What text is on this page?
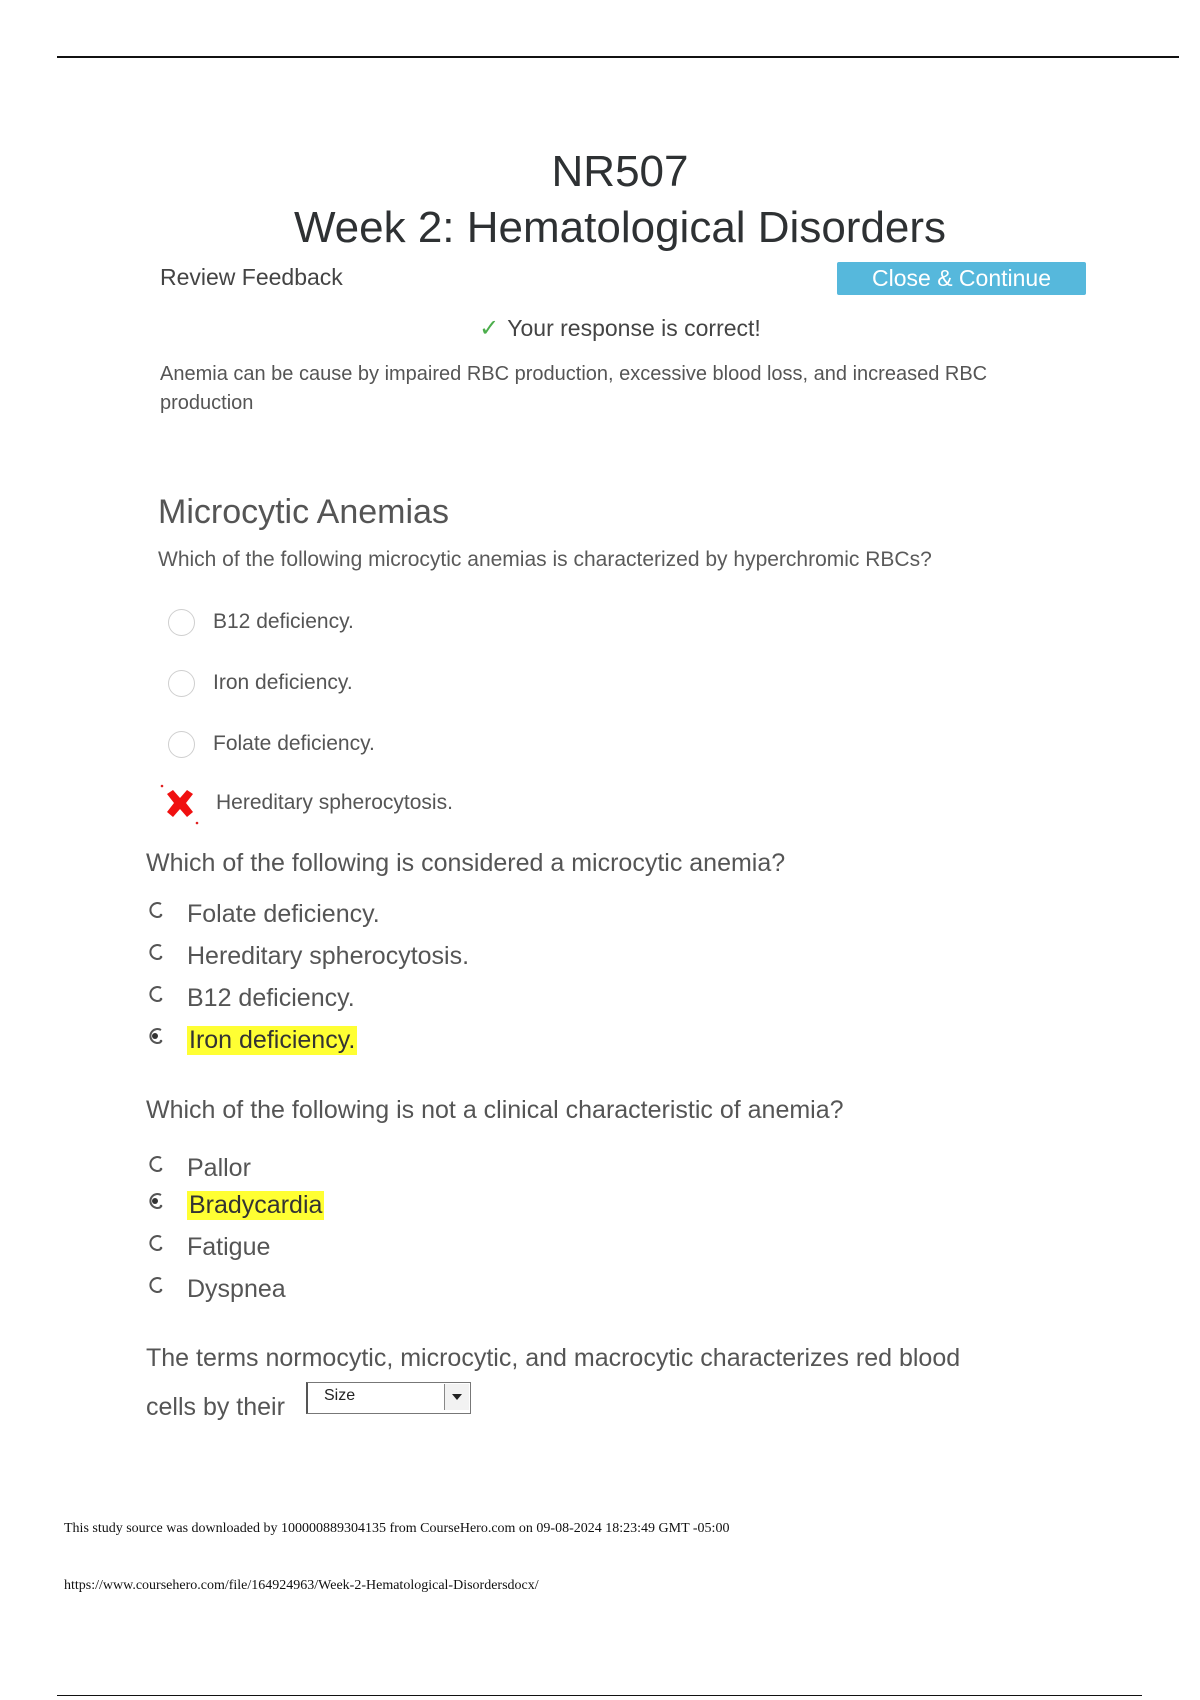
NR507
Week 2: Hematological Disorders
Review Feedback	Close & Continue
✓ Your response is correct!
Anemia can be cause by impaired RBC production, excessive blood loss, and increased RBC production
Microcytic Anemias
Which of the following microcytic anemias is characterized by hyperchromic RBCs?
B12 deficiency.
Iron deficiency.
Folate deficiency.
Hereditary spherocytosis.
Which of the following is considered a microcytic anemia?
Folate deficiency.
Hereditary spherocytosis.
B12 deficiency.
Iron deficiency.
Which of the following is not a clinical characteristic of anemia?
Pallor
Bradycardia
Fatigue
Dyspnea
The terms normocytic, microcytic, and macrocytic characterizes red blood
cells by their	Size
This study source was downloaded by 100000889304135 from CourseHero.com on 09-08-2024 18:23:49 GMT -05:00
https://www.coursehero.com/file/164924963/Week-2-Hematological-Disordersdocx/
